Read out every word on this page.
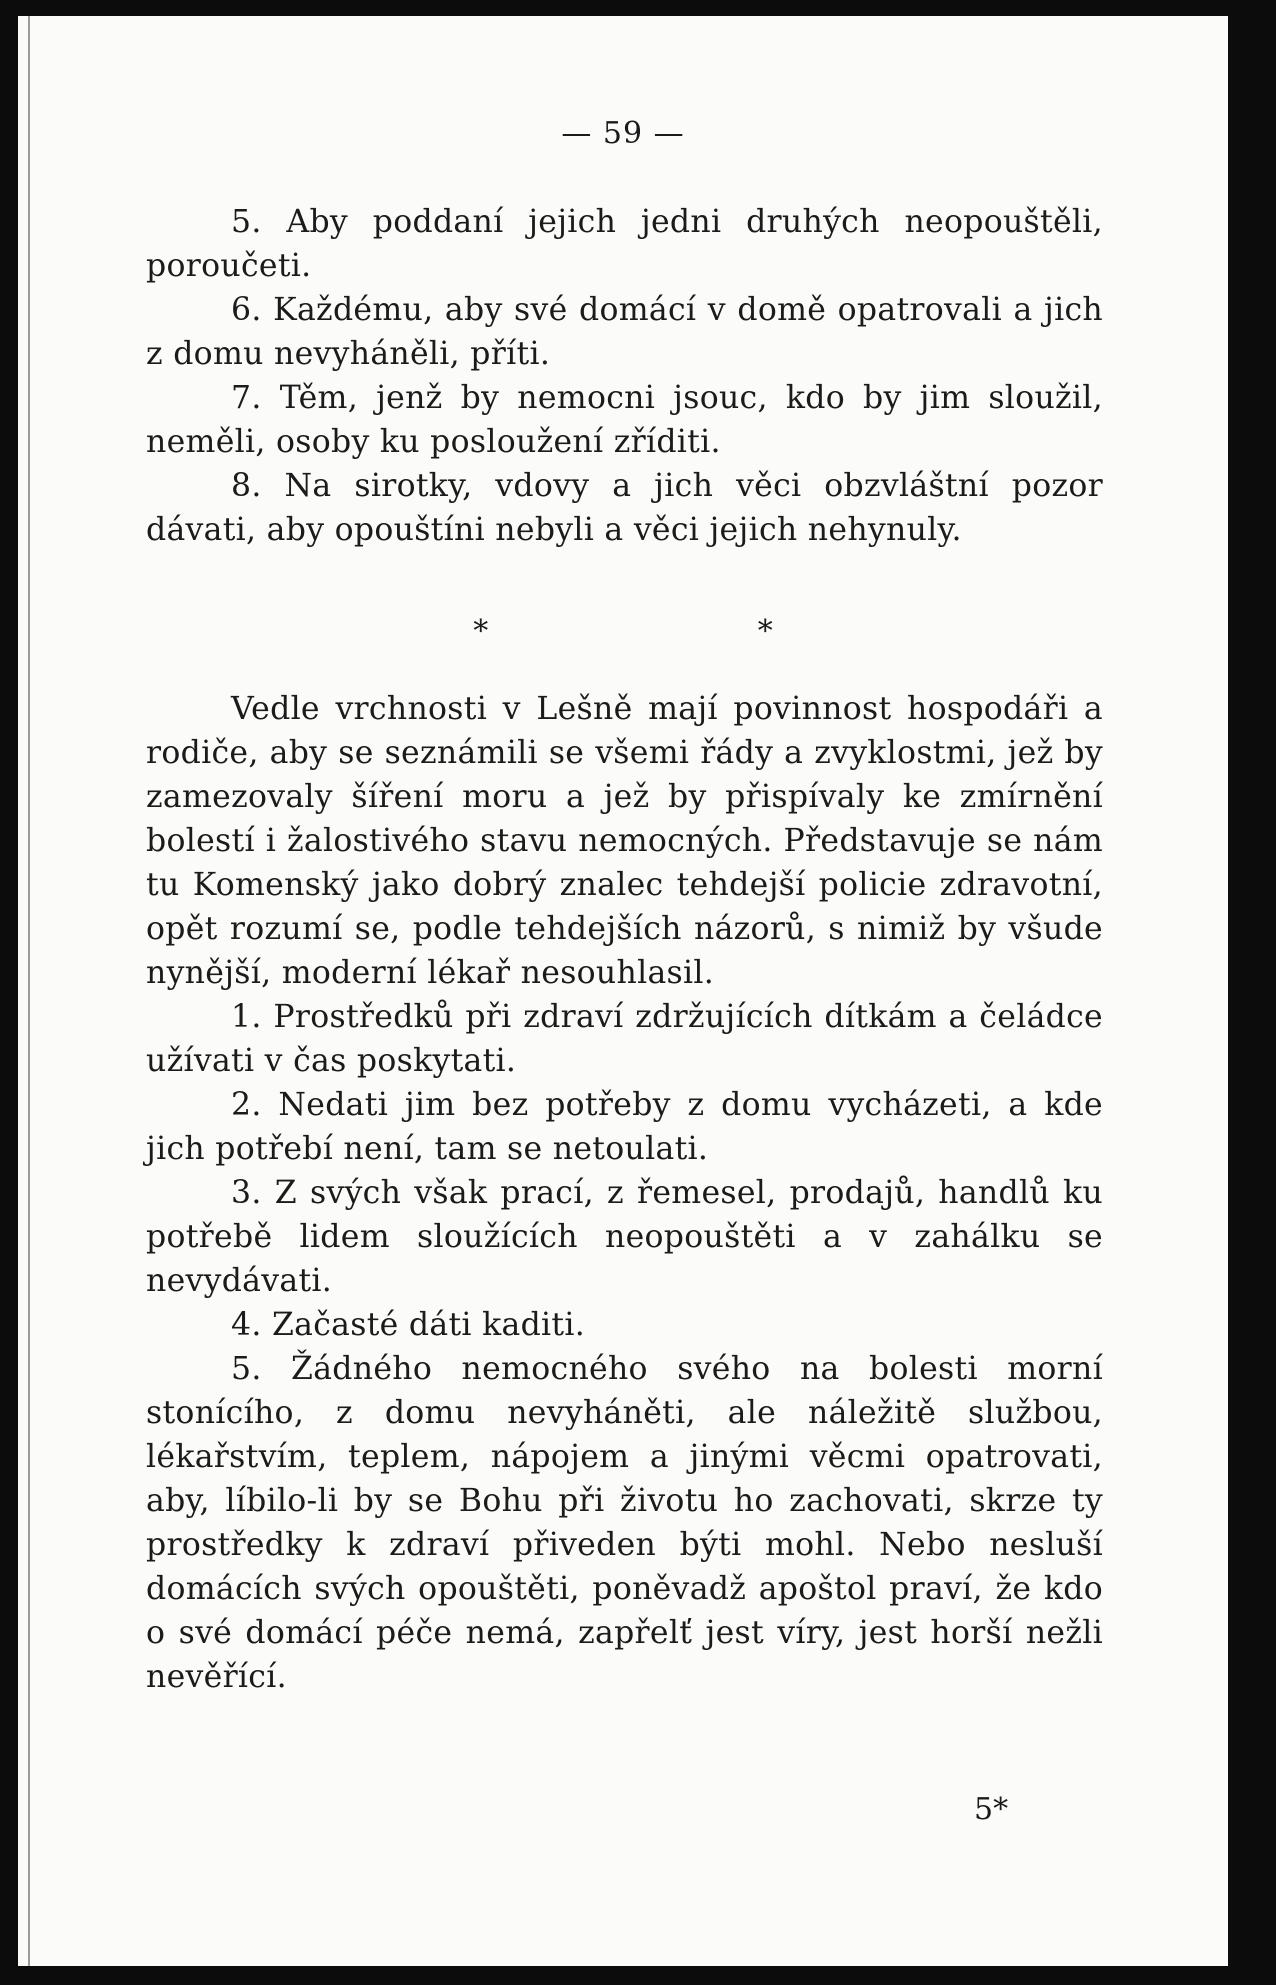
— 59 —

5. Aby poddaní jejich jedni druhých neopouštěli, poroučeti.

6. Každému, aby své domácí v domě opatrovali a jich z domu nevyháněli, příti.

7. Těm, jenž by nemocni jsouc, kdo by jim sloužil, neměli, osoby ku posloužení zříditi.

8. Na sirotky, vdovy a jich věci obzvláštní pozor dávati, aby opouštíni nebyli a věci jejich nehynuly.

* *

Vedle vrchnosti v Lešně mají povinnost hospodáři a rodiče, aby se seznámili se všemi řády a zvyklostmi, jež by zamezovaly šíření moru a jež by přispívaly ke zmírnění bolestí i žalostivého stavu nemocných. Představuje se nám tu Komenský jako dobrý znalec tehdejší policie zdravotní, opět rozumí se, podle tehdejších názorů, s nimiž by všude nynější, moderní lékař nesouhlasil.

1. Prostředků při zdraví zdržujících dítkám a čeládce užívati v čas poskytati.

2. Nedati jim bez potřeby z domu vycházeti, a kde jich potřebí není, tam se netoulati.

3. Z svých však prací, z řemesel, prodajů, handlů ku potřebě lidem sloužících neopouštěti a v zahálku se nevydávati.

4. Začasté dáti kaditi.

5. Žádného nemocného svého na bolesti morní stonícího, z domu nevyháněti, ale náležitě službou, lékařstvím, teplem, nápojem a jinými věcmi opatrovati, aby, líbilo-li by se Bohu při životu ho zachovati, skrze ty prostředky k zdraví přiveden býti mohl. Nebo nesluší domácích svých opouštěti, poněvadž apoštol praví, že kdo o své domácí péče nemá, zapřelť jest víry, jest horší nežli nevěřící.

5*
